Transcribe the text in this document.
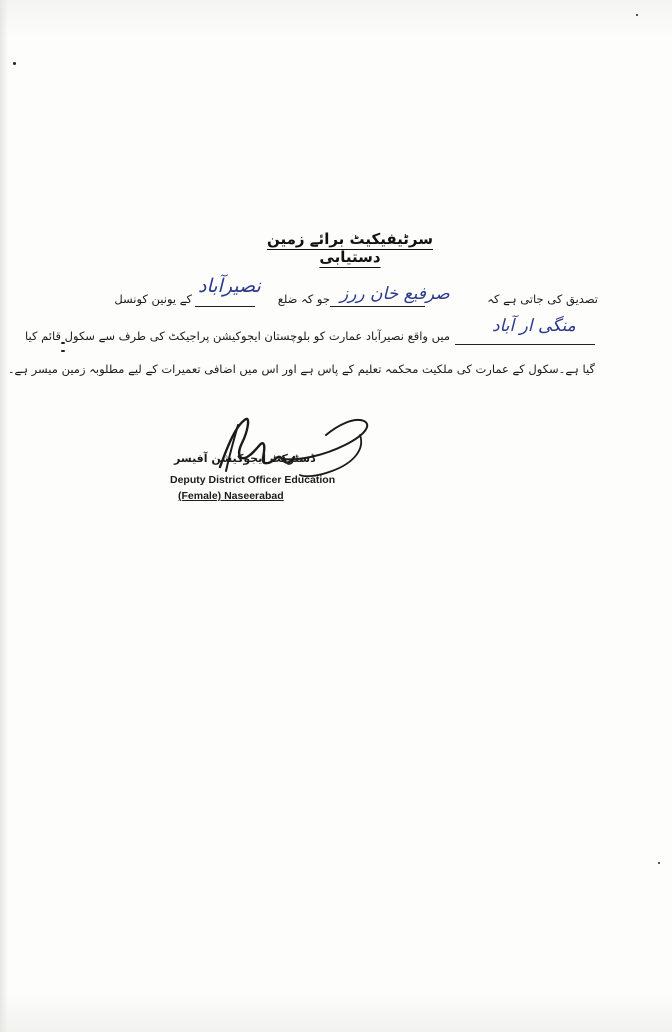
سرٹیفیکیٹ برائے زمین دستیابی
تصدیق کی جاتی ہے کہ
صرفیع خان ررز
جو کہ ضلع
نصیرآباد
کے یونین کونسل
منگی ار آباد
میں واقع نصیرآباد عمارت کو بلوچستان ایجوکیشن پراجیکٹ کی طرف سے سکول قائم کیا
گیا ہے۔سکول کے عمارت کی ملکیت محکمہ تعلیم کے پاس ہے اور اس میں اضافی تعمیرات کے لیے مطلوبہ زمین میسر ہے۔
ڈسٹرکٹ ایجوکیشن آفیسر
Deputy District Officer Education
(Female) Naseerabad
